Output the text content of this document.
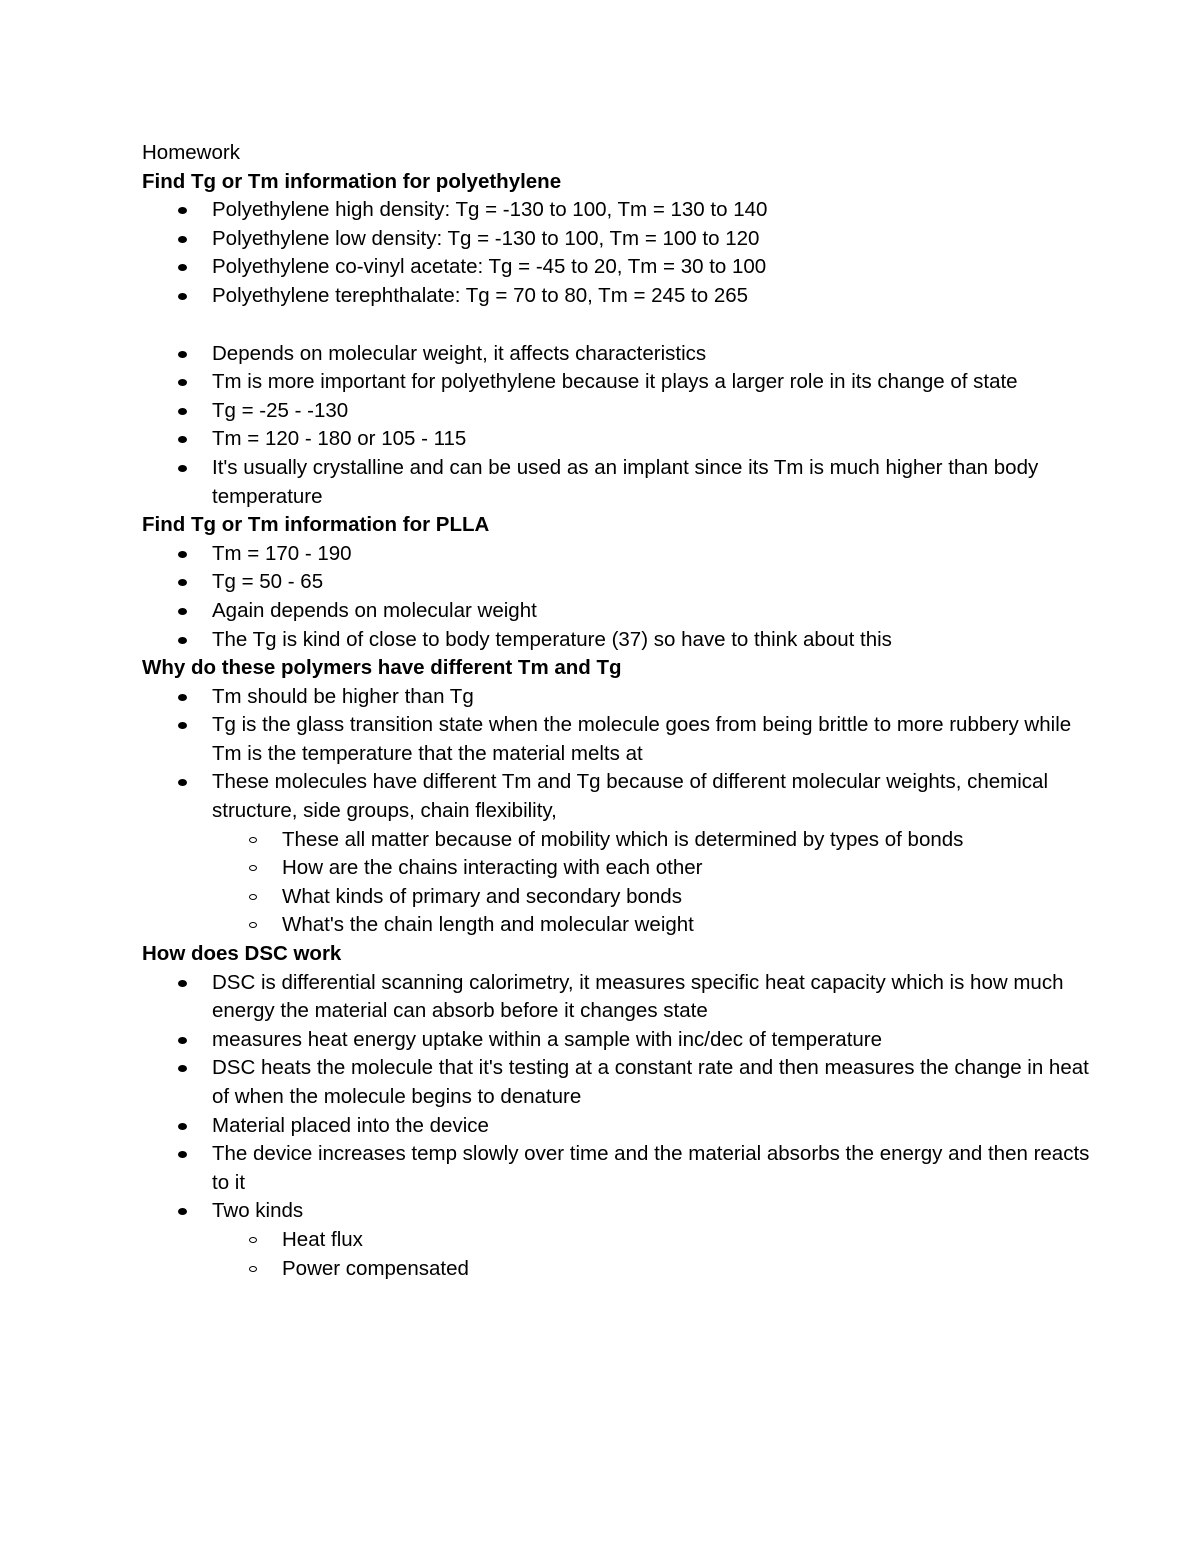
Homework
Find Tg or Tm information for polyethylene
Polyethylene high density: Tg = -130 to 100, Tm = 130 to 140
Polyethylene low density: Tg = -130 to 100, Tm = 100 to 120
Polyethylene co-vinyl acetate: Tg = -45 to 20, Tm = 30 to 100
Polyethylene terephthalate: Tg = 70 to 80, Tm = 245 to 265
Depends on molecular weight, it affects characteristics
Tm is more important for polyethylene because it plays a larger role in its change of state
Tg = -25 - -130
Tm = 120 - 180 or 105 - 115
It's usually crystalline and can be used as an implant since its Tm is much higher than body temperature
Find Tg or Tm information for PLLA
Tm = 170 - 190
Tg = 50 - 65
Again depends on molecular weight
The Tg is kind of close to body temperature (37) so have to think about this
Why do these polymers have different Tm and Tg
Tm should be higher than Tg
Tg is the glass transition state when the molecule goes from being brittle to more rubbery while Tm is the temperature that the material melts at
These molecules have different Tm and Tg because of different molecular weights, chemical structure, side groups, chain flexibility,
These all matter because of mobility which is determined by types of bonds
How are the chains interacting with each other
What kinds of primary and secondary bonds
What's the chain length and molecular weight
How does DSC work
DSC is differential scanning calorimetry, it measures specific heat capacity which is how much energy the material can absorb before it changes state
measures heat energy uptake within a sample with inc/dec of temperature
DSC heats the molecule that it's testing at a constant rate and then measures the change in heat of when the molecule begins to denature
Material placed into the device
The device increases temp slowly over time and the material absorbs the energy and then reacts to it
Two kinds
Heat flux
Power compensated
